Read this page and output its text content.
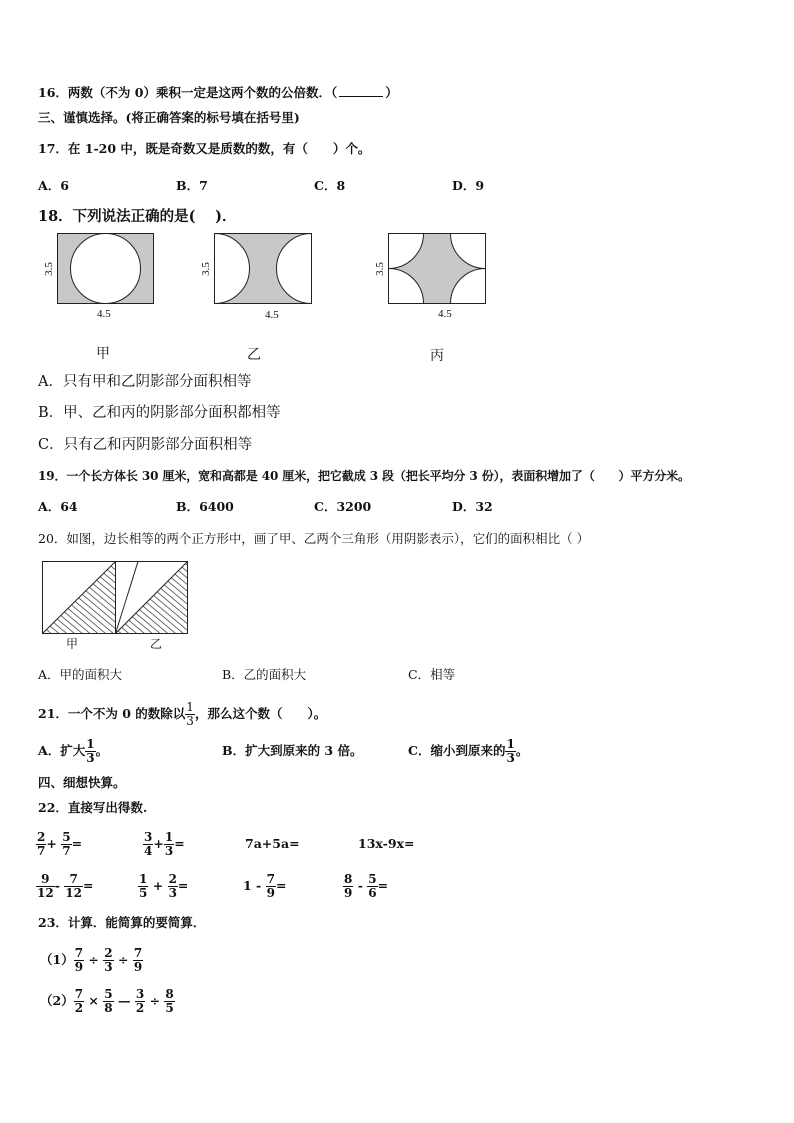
16．两数（不为 0）乘积一定是这两个数的公倍数．（	）
三、谨慎选择。(将正确答案的标号填在括号里)
17．在 1-20 中，既是奇数又是质数的数，有（　　）个。
A．6	B．7	C．8	D．9
18．下列说法正确的是(　 )．
3.5
4.5
3.5
4.5
3.5
4.5
甲	乙	丙
A．只有甲和乙阴影部分面积相等
B．甲、乙和丙的阴影部分面积都相等
C．只有乙和丙阴影部分面积相等
19．一个长方体长 30 厘米，宽和高都是 40 厘米，把它截成 3 段（把长平均分 3 份），表面积增加了（　　）平方分米。
A．64	B．6400	C．3200	D．32
20．如图，边长相等的两个正方形中，画了甲、乙两个三角形（用阴影表示），它们的面积相比（ ）
甲	乙
A．甲的面积大	B．乙的面积大	C．相等
21．一个不为 0 的数除以 $\frac{1}{3}$ ，那么这个数（　　）。
A．扩大 $\frac{1}{3}$ 。	B．扩大到原来的 3 倍。	C．缩小到原来的 $\frac{1}{3}$ 。
四、细想快算。
22．直接写出得数.
$\frac{2}{7} + \frac{5}{7}$ =	$\frac{3}{4} + \frac{1}{3}$ =	7a+5a=	13x-9x=
$\frac{9}{12} - \frac{7}{12}$ =	$\frac{1}{5} + \frac{2}{3}$ =	$1 - \frac{7}{9}$ =	$\frac{8}{9} - \frac{5}{6}$ =
23．计算．能简算的要简算．
$(1) \frac{7}{9} \div \frac{2}{3} \div \frac{7}{9}$
$(2) \frac{7}{2} \times \frac{5}{8}$ — $\frac{3}{2} \div \frac{8}{5}$
